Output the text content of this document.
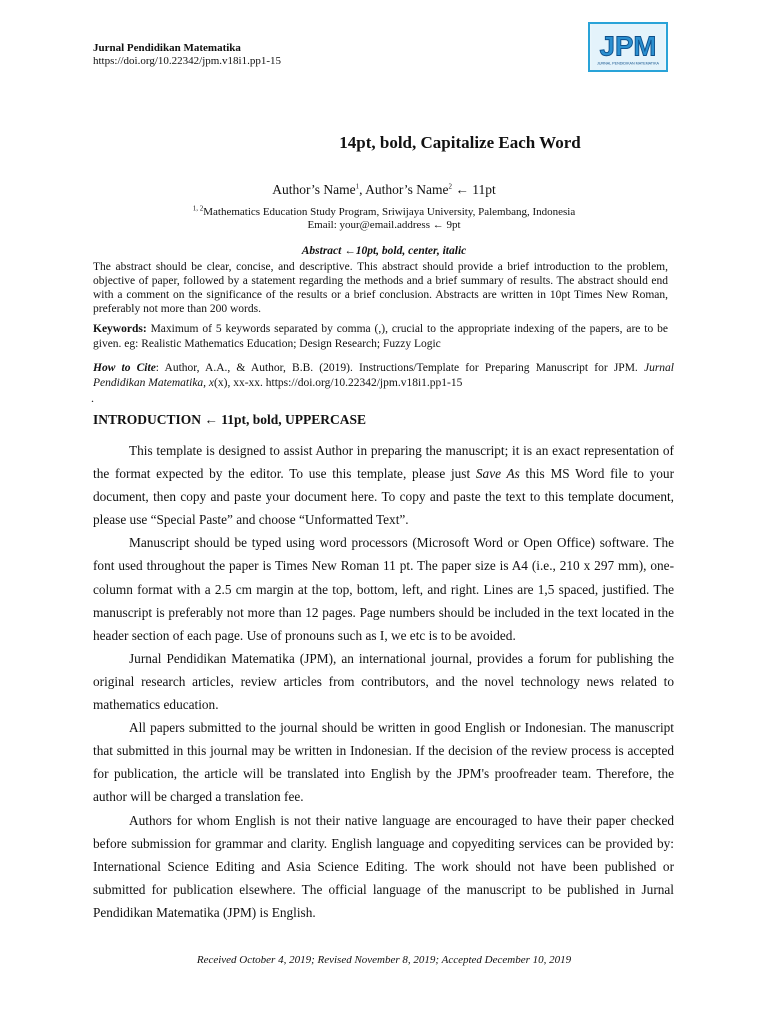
Jurnal Pendidikan Matematika
https://doi.org/10.22342/jpm.v18i1.pp1-15	JPM
JURNAL PENDIDIKAN MATEMATIKA
14pt, bold, Capitalize Each Word
Author’s Name$^1$, Author’s Name$^2$ ← 11pt
$^{1, 2}$Mathematics Education Study Program, Sriwijaya University, Palembang, Indonesia
Email: your@email.address ← 9pt
Abstract ←10pt, bold, center, italic
The abstract should be clear, concise, and descriptive. This abstract should provide a brief introduction to the problem, objective of paper, followed by a statement regarding the methods and a brief summary of results. The abstract should end with a comment on the significance of the results or a brief conclusion. Abstracts are written in 10pt Times New Roman, preferably not more than 200 words.
Keywords: Maximum of 5 keywords separated by comma (,), crucial to the appropriate indexing of the papers, are to be given. eg: Realistic Mathematics Education; Design Research; Fuzzy Logic
How to Cite: Author, A.A., & Author, B.B. (2019). Instructions/Template for Preparing Manuscript for JPM. Jurnal Pendidikan Matematika, x(x), xx-xx. https://doi.org/10.22342/jpm.v18i1.pp1-15
.
INTRODUCTION ← 11pt, bold, UPPERCASE

This template is designed to assist Author in preparing the manuscript; it is an exact representation of the format expected by the editor. To use this template, please just Save As this MS Word file to your document, then copy and paste your document here. To copy and paste the text to this template document, please use “Special Paste” and choose “Unformatted Text”.

Manuscript should be typed using word processors (Microsoft Word or Open Office) software. The font used throughout the paper is Times New Roman 11 pt. The paper size is A4 (i.e., 210 x 297 mm), one-column format with a 2.5 cm margin at the top, bottom, left, and right. Lines are 1,5 spaced, justified. The manuscript is preferably not more than 12 pages. Page numbers should be included in the text located in the header section of each page. Use of pronouns such as I, we etc is to be avoided.

Jurnal Pendidikan Matematika (JPM), an international journal, provides a forum for publishing the original research articles, review articles from contributors, and the novel technology news related to mathematics education.

All papers submitted to the journal should be written in good English or Indonesian. The manuscript that submitted in this journal may be written in Indonesian. If the decision of the review process is accepted for publication, the article will be translated into English by the JPM's proofreader team. Therefore, the author will be charged a translation fee.

Authors for whom English is not their native language are encouraged to have their paper checked before submission for grammar and clarity. English language and copyediting services can be provided by: International Science Editing and Asia Science Editing. The work should not have been published or submitted for publication elsewhere. The official language of the manuscript to be published in Jurnal Pendidikan Matematika (JPM) is English.

Received October 4, 2019; Revised November 8, 2019; Accepted December 10, 2019
